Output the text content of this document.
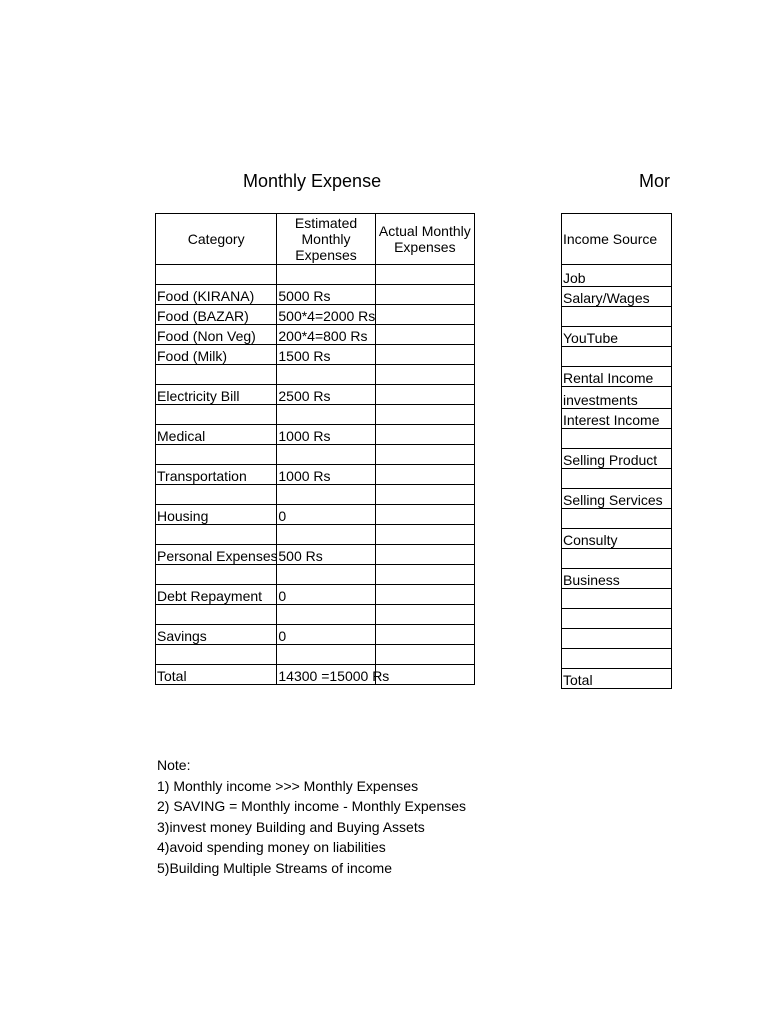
Monthly Expense	Mor
Category	Estimated Monthly Expenses	Actual Monthly Expenses

Food (KIRANA)	5000 Rs	
Food (BAZAR)	500*4=2000 Rs	
Food (Non Veg)	200*4=800 Rs	
Food (Milk)	1500 Rs	

Electricity Bill	2500 Rs	

Medical	1000 Rs	

Transportation	1000 Rs	

Housing	0	

Personal Expenses	500 Rs	

Debt Repayment	0	

Savings	0	

Total	14300 =15000 Rs	
Income Source

Job

Salary/Wages

YouTube

Rental Income

investments

Interest Income

Selling Product

Selling Services

Consulty

Business

Total
Note:
1) Monthly income >>> Monthly Expenses
2) SAVING = Monthly income - Monthly Expenses
3)invest money Building and Buying Assets
4)avoid spending money on liabilities
5)Building Multiple Streams of income
